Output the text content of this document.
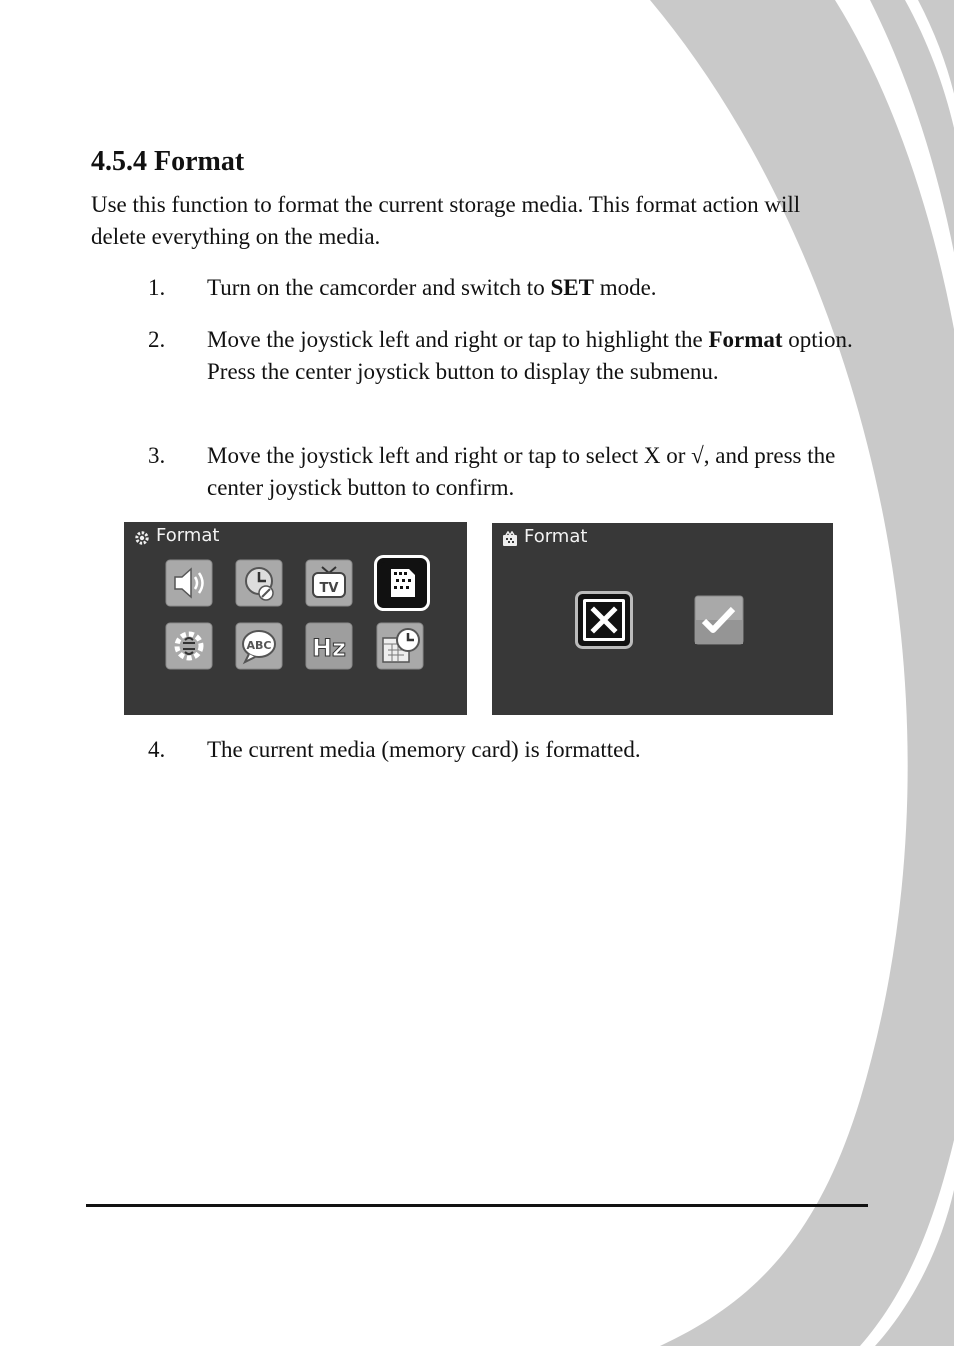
4.5.4 Format

Use this function to format the current storage media. This format action will delete everything on the media.

1. Turn on the camcorder and switch to SET mode.
2. Move the joystick left and right or tap to highlight the Format option. Press the center joystick button to display the submenu.
3. Move the joystick left and right or tap to select X or √, and press the center joystick button to confirm.
Format
TV
ABC Hz
Format
4. The current media (memory card) is formatted.
